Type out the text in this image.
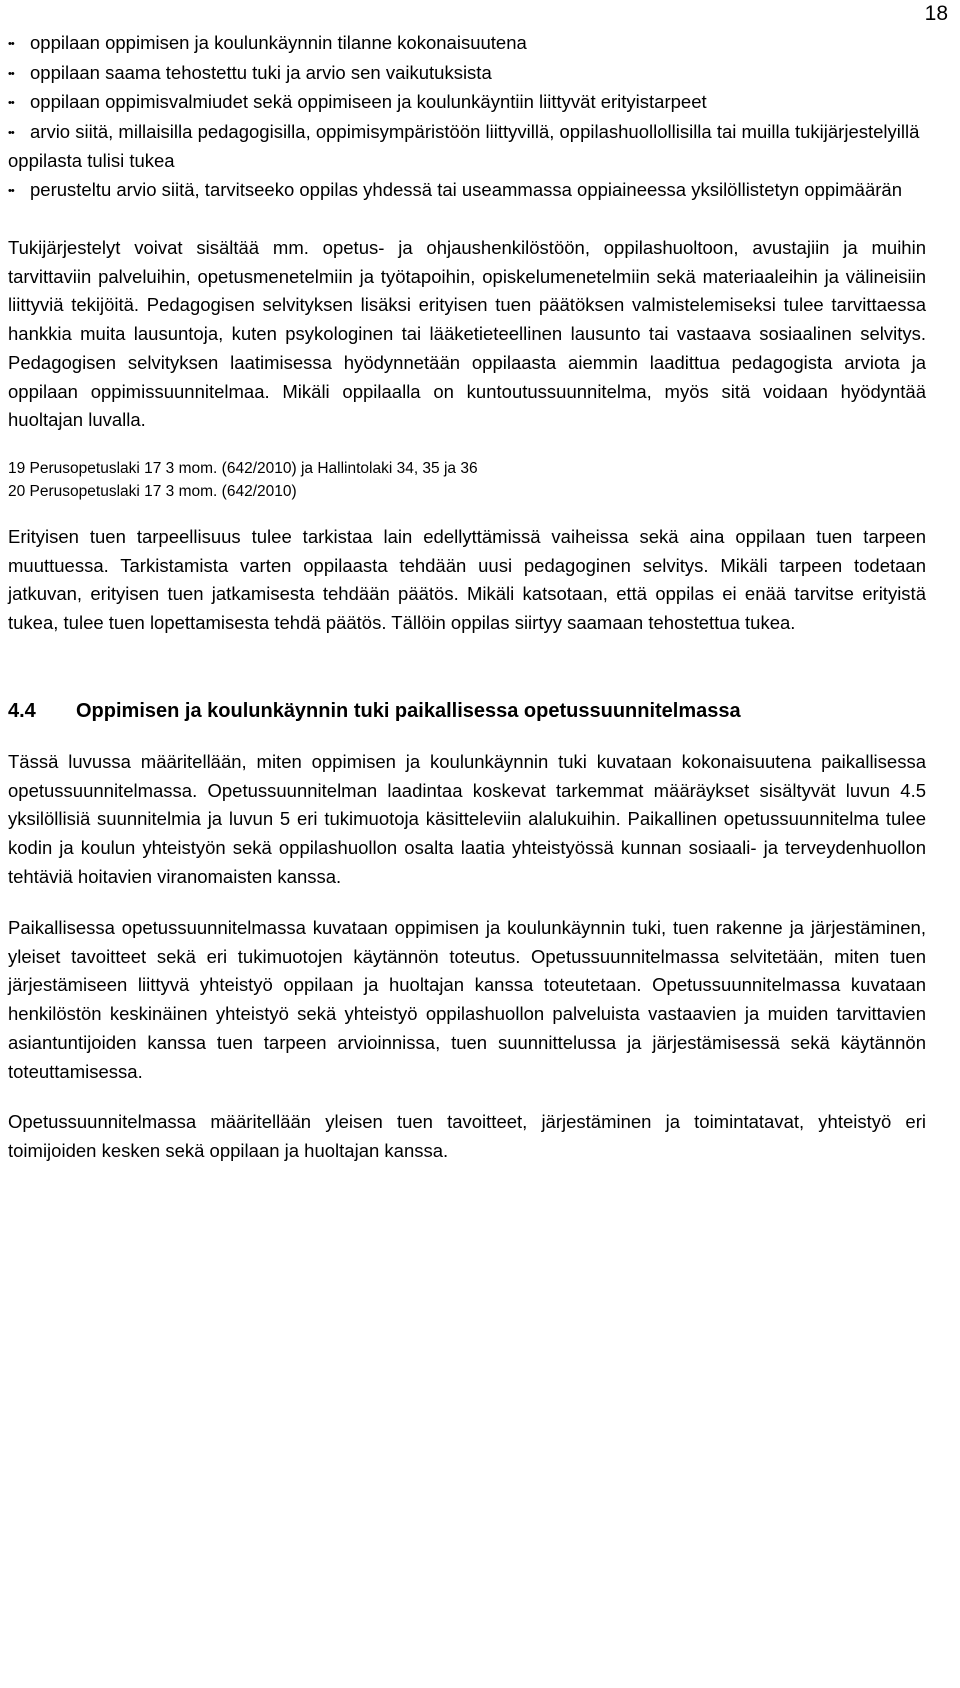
18
•• oppilaan oppimisen ja koulunkäynnin tilanne kokonaisuutena
•• oppilaan saama tehostettu tuki ja arvio sen vaikutuksista
•• oppilaan oppimisvalmiudet sekä oppimiseen ja koulunkäyntiin liittyvät erityistarpeet
•• arvio siitä, millaisilla pedagogisilla, oppimisympäristöön liittyvillä, oppilashuollollisilla tai muilla tukijärjestelyillä oppilasta tulisi tukea
•• perusteltu arvio siitä, tarvitseeko oppilas yhdessä tai useammassa oppiaineessa yksilöllistetyn oppimäärän

Tukijärjestelyt voivat sisältää mm. opetus- ja ohjaushenkilöstöön, oppilashuoltoon, avustajiin ja muihin tarvittaviin palveluihin, opetusmenetelmiin ja työtapoihin, opiskelumenetelmiin sekä materiaaleihin ja välineisiin liittyviä tekijöitä. Pedagogisen selvityksen lisäksi erityisen tuen päätöksen valmistelemiseksi tulee tarvittaessa hankkia muita lausuntoja, kuten psykologinen tai lääketieteellinen lausunto tai vastaava sosiaalinen selvitys. Pedagogisen selvityksen laatimisessa hyödynnetään oppilaasta aiemmin laadittua pedagogista arviota ja oppilaan oppimissuunnitelmaa. Mikäli oppilaalla on kuntoutussuunnitelma, myös sitä voidaan hyödyntää huoltajan luvalla.

19 Perusopetuslaki 17 3 mom. (642/2010) ja Hallintolaki 34, 35 ja 36
20 Perusopetuslaki 17 3 mom. (642/2010)

Erityisen tuen tarpeellisuus tulee tarkistaa lain edellyttämissä vaiheissa sekä aina oppilaan tuen tarpeen muuttuessa. Tarkistamista varten oppilaasta tehdään uusi pedagoginen selvitys. Mikäli tarpeen todetaan jatkuvan, erityisen tuen jatkamisesta tehdään päätös. Mikäli katsotaan, että oppilas ei enää tarvitse erityistä tukea, tulee tuen lopettamisesta tehdä päätös. Tällöin oppilas siirtyy saamaan tehostettua tukea.

4.4	Oppimisen ja koulunkäynnin tuki paikallisessa opetussuunnitelmassa

Tässä luvussa määritellään, miten oppimisen ja koulunkäynnin tuki kuvataan kokonaisuutena paikallisessa opetussuunnitelmassa. Opetussuunnitelman laadintaa koskevat tarkemmat määräykset sisältyvät luvun 4.5 yksilöllisiä suunnitelmia ja luvun 5 eri tukimuotoja käsitteleviin alalukuihin. Paikallinen opetussuunnitelma tulee kodin ja koulun yhteistyön sekä oppilashuollon osalta laatia yhteistyössä kunnan sosiaali- ja terveydenhuollon tehtäviä hoitavien viranomaisten kanssa.

Paikallisessa opetussuunnitelmassa kuvataan oppimisen ja koulunkäynnin tuki, tuen rakenne ja järjestäminen, yleiset tavoitteet sekä eri tukimuotojen käytännön toteutus. Opetussuunnitelmassa selvitetään, miten tuen järjestämiseen liittyvä yhteistyö oppilaan ja huoltajan kanssa toteutetaan. Opetussuunnitelmassa kuvataan henkilöstön keskinäinen yhteistyö sekä yhteistyö oppilashuollon palveluista vastaavien ja muiden tarvittavien asiantuntijoiden kanssa tuen tarpeen arvioinnissa, tuen suunnittelussa ja järjestämisessä sekä käytännön toteuttamisessa.

Opetussuunnitelmassa määritellään yleisen tuen tavoitteet, järjestäminen ja toimintatavat, yhteistyö eri toimijoiden kesken sekä oppilaan ja huoltajan kanssa.
